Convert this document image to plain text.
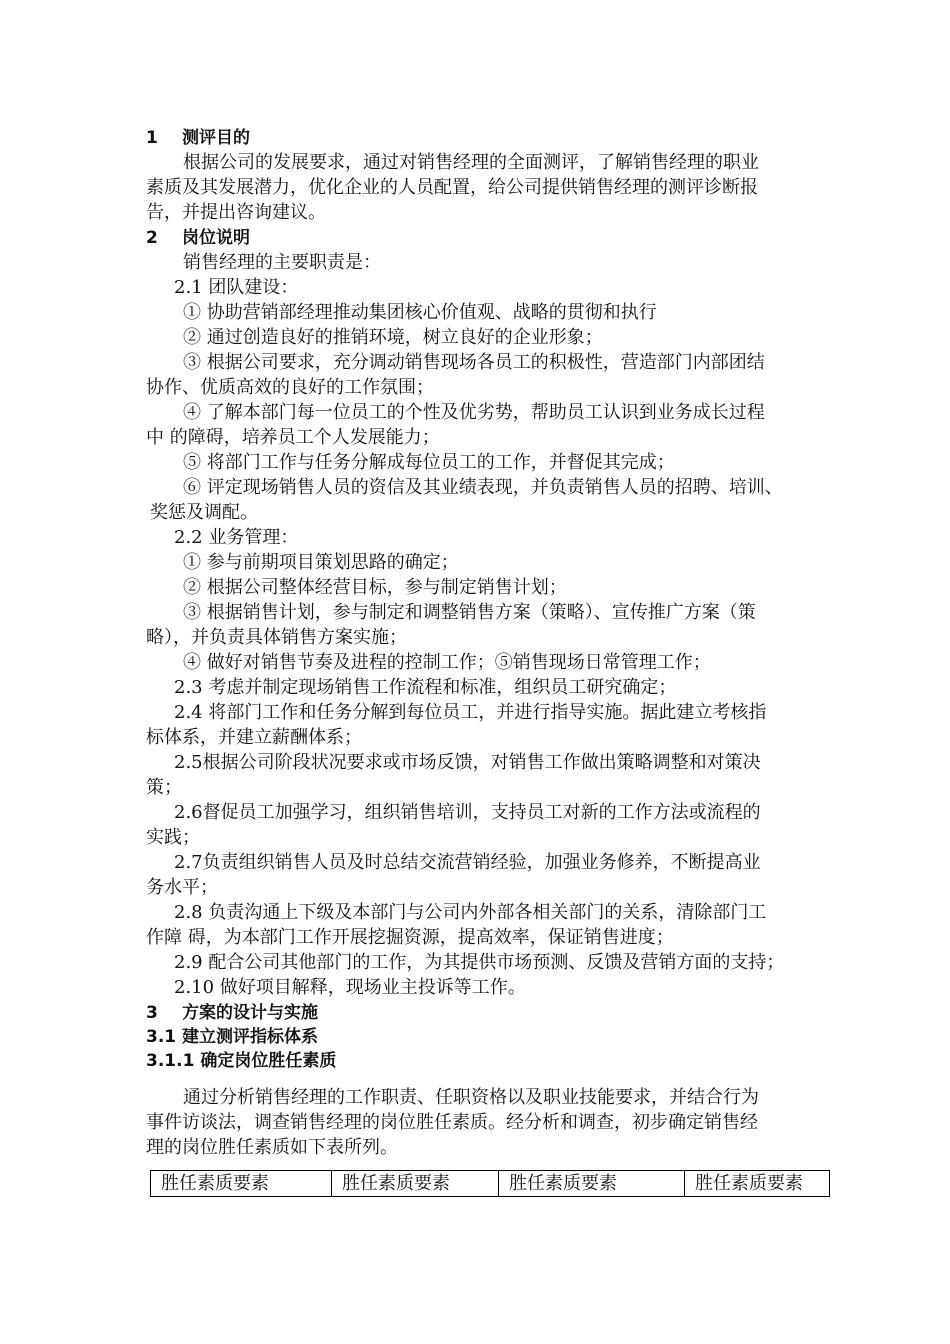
1 测评目的
根据公司的发展要求，通过对销售经理的全面测评，了解销售经理的职业
素质及其发展潜力，优化企业的人员配置，给公司提供销售经理的测评诊断报
告，并提出咨询建议。
2 岗位说明
销售经理的主要职责是：
2.1 团队建设：
① 协助营销部经理推动集团核心价值观、战略的贯彻和执行
② 通过创造良好的推销环境，树立良好的企业形象；
③ 根据公司要求，充分调动销售现场各员工的积极性，营造部门内部团结
协作、优质高效的良好的工作氛围；
④ 了解本部门每一位员工的个性及优劣势，帮助员工认识到业务成长过程
中 的障碍，培养员工个人发展能力；
⑤ 将部门工作与任务分解成每位员工的工作，并督促其完成；
⑥ 评定现场销售人员的资信及其业绩表现，并负责销售人员的招聘、培训、
奖惩及调配。
2.2 业务管理：
① 参与前期项目策划思路的确定；
② 根据公司整体经营目标，参与制定销售计划；
③ 根据销售计划，参与制定和调整销售方案（策略）、宣传推广方案（策
略），并负责具体销售方案实施；
④ 做好对销售节奏及进程的控制工作；⑤销售现场日常管理工作；
2.3 考虑并制定现场销售工作流程和标准，组织员工研究确定；
2.4 将部门工作和任务分解到每位员工，并进行指导实施。据此建立考核指
标体系，并建立薪酬体系；
2.5根据公司阶段状况要求或市场反馈，对销售工作做出策略调整和对策决
策；
2.6督促员工加强学习，组织销售培训，支持员工对新的工作方法或流程的
实践；
2.7负责组织销售人员及时总结交流营销经验，加强业务修养，不断提高业
务水平；
2.8 负责沟通上下级及本部门与公司内外部各相关部门的关系，清除部门工
作障 碍，为本部门工作开展挖掘资源，提高效率，保证销售进度；
2.9 配合公司其他部门的工作，为其提供市场预测、反馈及营销方面的支持；
2.10 做好项目解释，现场业主投诉等工作。
3 方案的设计与实施
3.1 建立测评指标体系
3.1.1 确定岗位胜任素质
通过分析销售经理的工作职责、任职资格以及职业技能要求，并结合行为
事件访谈法，调查销售经理的岗位胜任素质。经分析和调查，初步确定销售经
理的岗位胜任素质如下表所列。
胜任素质要素	胜任素质要素	胜任素质要素	胜任素质要素
